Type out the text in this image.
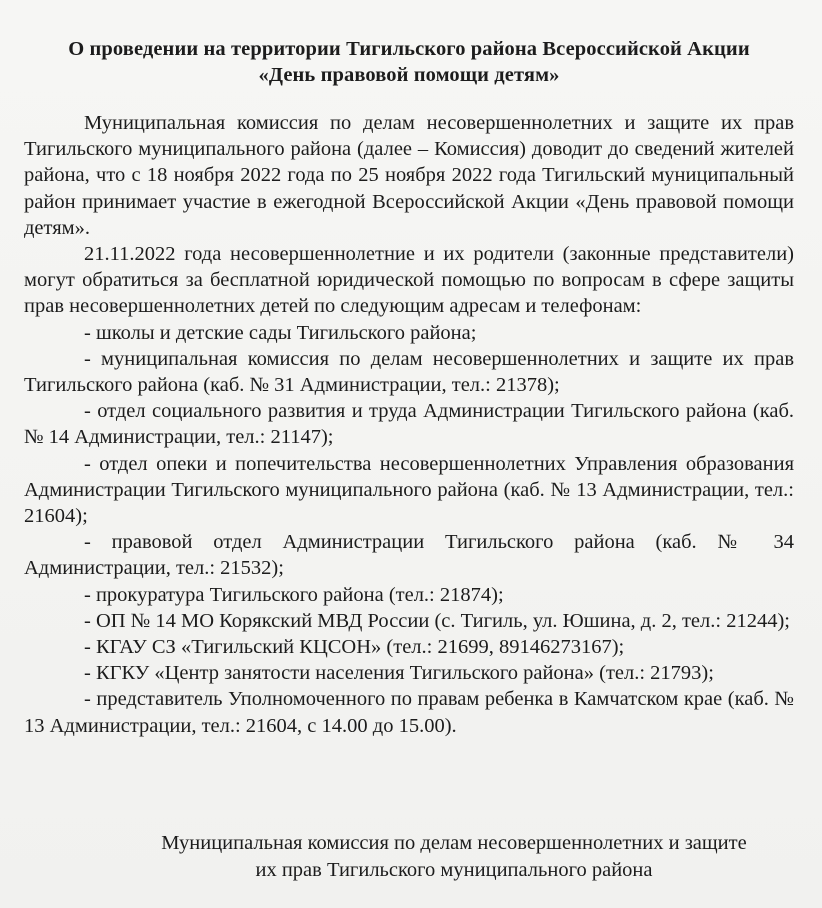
О проведении на территории Тигильского района Всероссийской Акции
«День правовой помощи детям»

Муниципальная комиссия по делам несовершеннолетних и защите их прав Тигильского муниципального района (далее – Комиссия) доводит до сведений жителей района, что с 18 ноября 2022 года по 25 ноября 2022 года Тигильский муниципальный район принимает участие в ежегодной Всероссийской Акции «День правовой помощи детям».

21.11.2022 года несовершеннолетние и их родители (законные представители) могут обратиться за бесплатной юридической помощью по вопросам в сфере защиты прав несовершеннолетних детей по следующим адресам и телефонам:

- школы и детские сады Тигильского района;

- муниципальная комиссия по делам несовершеннолетних и защите их прав Тигильского района (каб. № 31 Администрации, тел.: 21378);

- отдел социального развития и труда Администрации Тигильского района (каб. № 14 Администрации, тел.: 21147);

- отдел опеки и попечительства несовершеннолетних Управления образования Администрации Тигильского муниципального района (каб. № 13 Администрации, тел.: 21604);

- правовой отдел Администрации Тигильского района (каб. № 34 Администрации, тел.: 21532);

- прокуратура Тигильского района (тел.: 21874);

- ОП № 14 МО Корякский МВД России (с. Тигиль, ул. Юшина, д. 2, тел.: 21244);

- КГАУ СЗ «Тигильский КЦСОН» (тел.: 21699, 89146273167);

- КГКУ «Центр занятости населения Тигильского района» (тел.: 21793);

- представитель Уполномоченного по правам ребенка в Камчатском крае (каб. № 13 Администрации, тел.: 21604, с 14.00 до 15.00).

Муниципальная комиссия по делам несовершеннолетних и защите
их прав Тигильского муниципального района
